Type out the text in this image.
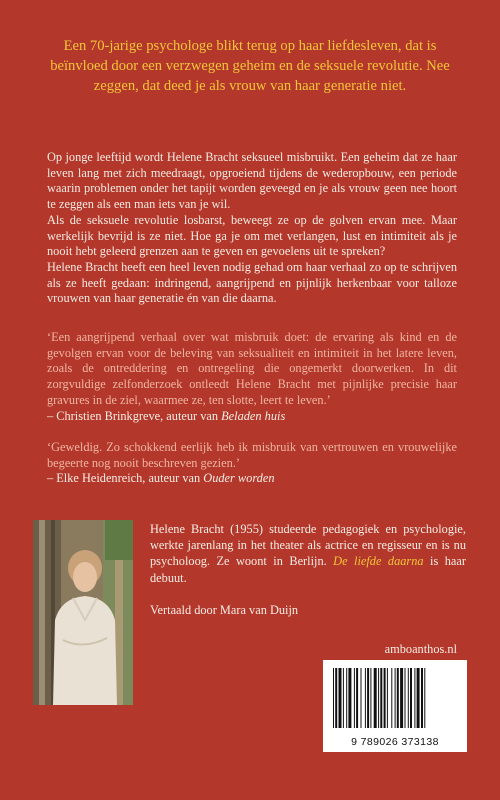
Een 70-jarige psychologe blikt terug op haar liefdesleven, dat is beïnvloed door een verzwegen geheim en de seksuele revolutie. Nee zeggen, dat deed je als vrouw van haar generatie niet.

Op jonge leeftijd wordt Helene Bracht seksueel misbruikt. Een geheim dat ze haar leven lang met zich meedraagt, opgroeiend tijdens de wederopbouw, een periode waarin problemen onder het tapijt worden geveegd en je als vrouw geen nee hoort te zeggen als een man iets van je wil.

Als de seksuele revolutie losbarst, beweegt ze op de golven ervan mee. Maar werkelijk bevrijd is ze niet. Hoe ga je om met verlangen, lust en intimiteit als je nooit hebt geleerd grenzen aan te geven en gevoelens uit te spreken?

Helene Bracht heeft een heel leven nodig gehad om haar verhaal zo op te schrijven als ze heeft gedaan: indringend, aangrijpend en pijnlijk herkenbaar voor talloze vrouwen van haar generatie én van die daarna.

‘Een aangrijpend verhaal over wat misbruik doet: de ervaring als kind en de gevolgen ervan voor de beleving van seksualiteit en intimiteit in het latere leven, zoals de ontreddering en ontregeling die ongemerkt doorwerken. In dit zorgvuldige zelfonderzoek ontleedt Helene Bracht met pijnlijke precisie haar gravures in de ziel, waarmee ze, ten slotte, leert te leven.’

– Christien Brinkgreve, auteur van Beladen huis

‘Geweldig. Zo schokkend eerlijk heb ik misbruik van vertrouwen en vrouwelijke begeerte nog nooit beschreven gezien.’

– Elke Heidenreich, auteur van Ouder worden

Helene Bracht (1955) studeerde pedagogiek en psychologie, werkte jarenlang in het theater als actrice en regisseur en is nu psycholoog. Ze woont in Berlijn. De liefde daarna is haar debuut.

Vertaald door Mara van Duijn

amboanthos.nl

9 789026 373138
